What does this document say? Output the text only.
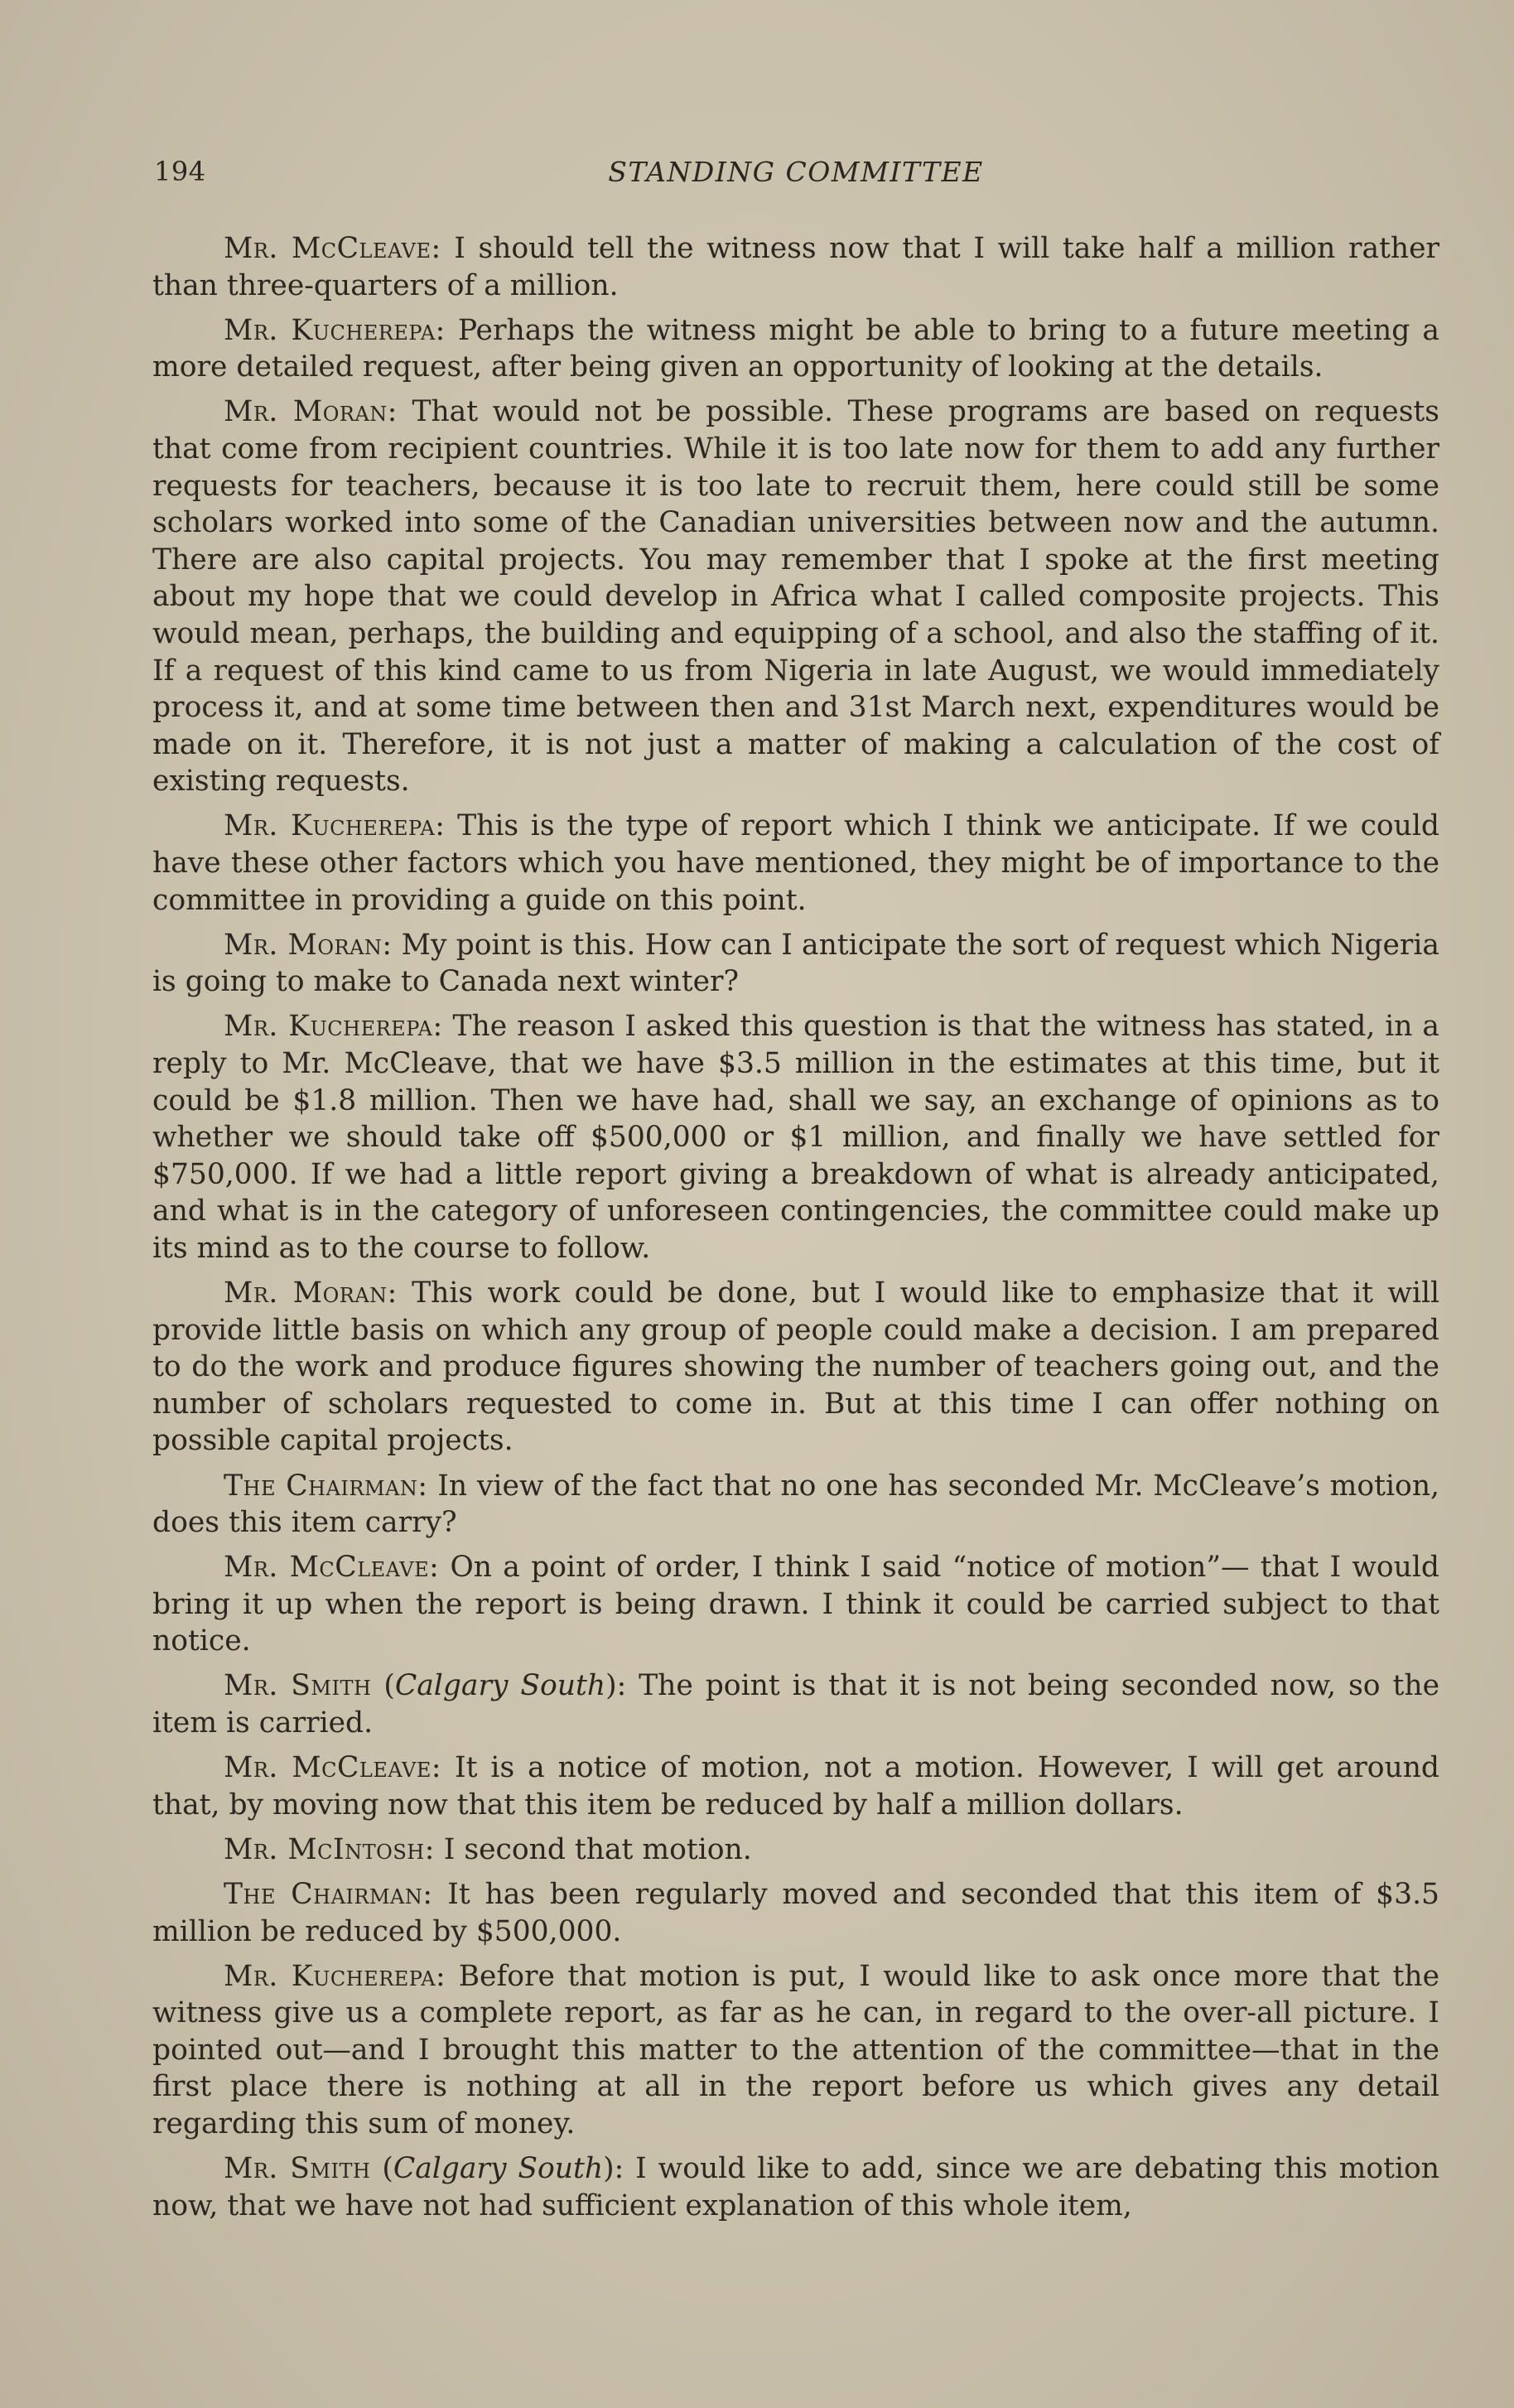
194	STANDING COMMITTEE

Mr. McCleave: I should tell the witness now that I will take half a million rather than three-quarters of a million.

Mr. Kucherepa: Perhaps the witness might be able to bring to a future meeting a more detailed request, after being given an opportunity of looking at the details.

Mr. Moran: That would not be possible. These programs are based on requests that come from recipient countries. While it is too late now for them to add any further requests for teachers, because it is too late to recruit them, here could still be some scholars worked into some of the Canadian universities between now and the autumn. There are also capital projects. You may remember that I spoke at the first meeting about my hope that we could develop in Africa what I called composite projects. This would mean, perhaps, the building and equipping of a school, and also the staffing of it. If a request of this kind came to us from Nigeria in late August, we would immediately process it, and at some time between then and 31st March next, expenditures would be made on it. Therefore, it is not just a matter of making a calculation of the cost of existing requests.

Mr. Kucherepa: This is the type of report which I think we anticipate. If we could have these other factors which you have mentioned, they might be of importance to the committee in providing a guide on this point.

Mr. Moran: My point is this. How can I anticipate the sort of request which Nigeria is going to make to Canada next winter?

Mr. Kucherepa: The reason I asked this question is that the witness has stated, in a reply to Mr. McCleave, that we have $3.5 million in the estimates at this time, but it could be $1.8 million. Then we have had, shall we say, an exchange of opinions as to whether we should take off $500,000 or $1 million, and finally we have settled for $750,000. If we had a little report giving a breakdown of what is already anticipated, and what is in the category of unforeseen contingencies, the committee could make up its mind as to the course to follow.

Mr. Moran: This work could be done, but I would like to emphasize that it will provide little basis on which any group of people could make a decision. I am prepared to do the work and produce figures showing the number of teachers going out, and the number of scholars requested to come in. But at this time I can offer nothing on possible capital projects.

The Chairman: In view of the fact that no one has seconded Mr. McCleave’s motion, does this item carry?

Mr. McCleave: On a point of order, I think I said “notice of motion”— that I would bring it up when the report is being drawn. I think it could be carried subject to that notice.

Mr. Smith (Calgary South): The point is that it is not being seconded now, so the item is carried.

Mr. McCleave: It is a notice of motion, not a motion. However, I will get around that, by moving now that this item be reduced by half a million dollars.

Mr. McIntosh: I second that motion.

The Chairman: It has been regularly moved and seconded that this item of $3.5 million be reduced by $500,000.

Mr. Kucherepa: Before that motion is put, I would like to ask once more that the witness give us a complete report, as far as he can, in regard to the over-all picture. I pointed out—and I brought this matter to the attention of the committee—that in the first place there is nothing at all in the report before us which gives any detail regarding this sum of money.

Mr. Smith (Calgary South): I would like to add, since we are debating this motion now, that we have not had sufficient explanation of this whole item,
